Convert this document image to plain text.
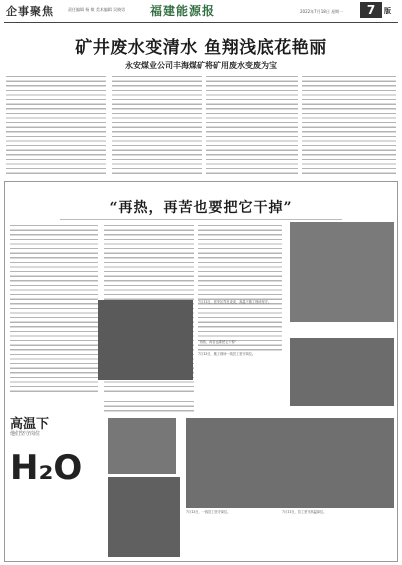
企事聚焦	责任编辑 杨 敏 美术编辑 吴晓男 福建能源报	2022年7月18日 星期一	7	版
矿井废水变清水 鱼翔浅底花艳丽
永安煤业公司丰海煤矿将矿用废水变废为宝
“再热，再苦也要把它干掉”
7月11日，晋安区烈日炎炎，高温下施工现场坚守。
“再热，再苦也要把它干掉”
7月13日，施工现场一线员工坚守岗位。
7月13日，一线员工坚守岗位。	7月11日，员工坚守高温岗位。
高温下
他们坚守岗位
H₂O
